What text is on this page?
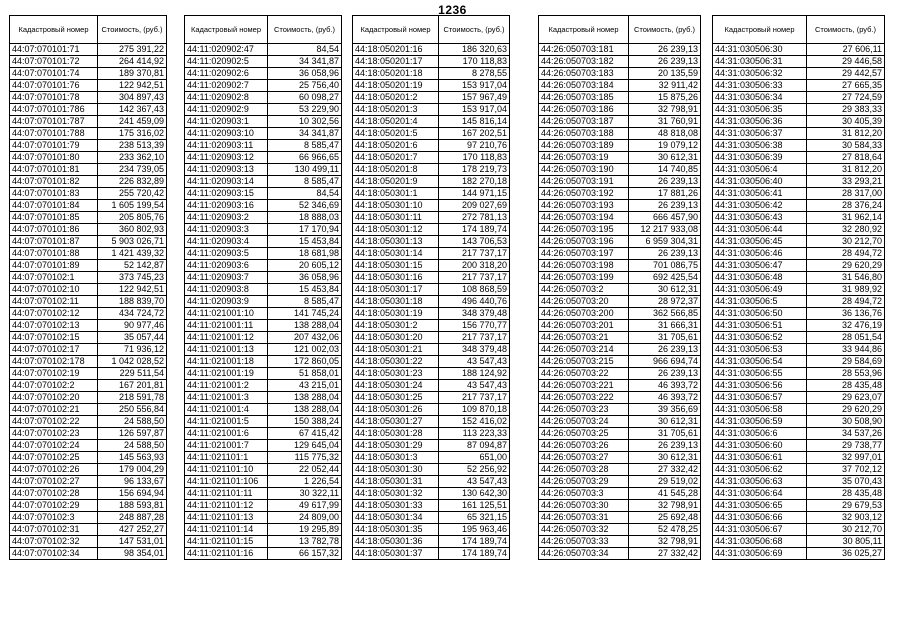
1236
Кадастровый номер	Стоимость, (руб.)
44:07:070101:71	275 391,22
44:07:070101:72	264 414,92
44:07:070101:74	189 370,81
44:07:070101:76	122 942,51
44:07:070101:78	304 897,43
44:07:070101:786	142 367,43
44:07:070101:787	241 459,09
44:07:070101:788	175 316,02
44:07:070101:79	238 513,39
44:07:070101:80	233 362,10
44:07:070101:81	234 739,05
44:07:070101:82	226 832,89
44:07:070101:83	255 720,42
44:07:070101:84	1 605 199,54
44:07:070101:85	205 805,76
44:07:070101:86	360 802,93
44:07:070101:87	5 903 026,71
44:07:070101:88	1 421 439,32
44:07:070101:89	52 142,87
44:07:070102:1	373 745,23
44:07:070102:10	122 942,51
44:07:070102:11	188 839,70
44:07:070102:12	434 724,72
44:07:070102:13	90 977,46
44:07:070102:15	35 057,44
44:07:070102:17	71 936,12
44:07:070102:178	1 042 028,52
44:07:070102:19	229 511,54
44:07:070102:2	167 201,81
44:07:070102:20	218 591,78
44:07:070102:21	250 556,84
44:07:070102:22	24 588,50
44:07:070102:23	126 597,87
44:07:070102:24	24 588,50
44:07:070102:25	145 563,93
44:07:070102:26	179 004,29
44:07:070102:27	96 133,67
44:07:070102:28	156 694,94
44:07:070102:29	188 593,81
44:07:070102:3	248 887,28
44:07:070102:31	427 252,27
44:07:070102:32	147 531,01
44:07:070102:34	98 354,01
Кадастровый номер	Стоимость, (руб.)
44:11:020902:47	84,54
44:11:020902:5	34 341,87
44:11:020902:6	36 058,96
44:11:020902:7	25 756,40
44:11:020902:8	60 098,27
44:11:020902:9	53 229,90
44:11:020903:1	10 302,56
44:11:020903:10	34 341,87
44:11:020903:11	8 585,47
44:11:020903:12	66 966,65
44:11:020903:13	130 499,11
44:11:020903:14	8 585,47
44:11:020903:15	84,54
44:11:020903:16	52 346,69
44:11:020903:2	18 888,03
44:11:020903:3	17 170,94
44:11:020903:4	15 453,84
44:11:020903:5	18 681,98
44:11:020903:6	20 605,12
44:11:020903:7	36 058,96
44:11:020903:8	15 453,84
44:11:020903:9	8 585,47
44:11:021001:10	141 745,24
44:11:021001:11	138 288,04
44:11:021001:12	207 432,06
44:11:021001:13	121 002,03
44:11:021001:18	172 860,05
44:11:021001:19	51 858,01
44:11:021001:2	43 215,01
44:11:021001:3	138 288,04
44:11:021001:4	138 288,04
44:11:021001:5	150 388,24
44:11:021001:6	67 415,42
44:11:021001:7	129 645,04
44:11:021101:1	115 775,32
44:11:021101:10	22 052,44
44:11:021101:106	1 226,54
44:11:021101:11	30 322,11
44:11:021101:12	49 617,99
44:11:021101:13	24 809,00
44:11:021101:14	19 295,89
44:11:021101:15	13 782,78
44:11:021101:16	66 157,32
Кадастровый номер	Стоимость, (руб.)
44:18:050201:16	186 320,63
44:18:050201:17	170 118,83
44:18:050201:18	8 278,55
44:18:050201:19	153 917,04
44:18:050201:2	157 967,49
44:18:050201:3	153 917,04
44:18:050201:4	145 816,14
44:18:050201:5	167 202,51
44:18:050201:6	97 210,76
44:18:050201:7	170 118,83
44:18:050201:8	178 219,73
44:18:050201:9	182 270,18
44:18:050301:1	144 971,15
44:18:050301:10	209 027,69
44:18:050301:11	272 781,13
44:18:050301:12	174 189,74
44:18:050301:13	143 706,53
44:18:050301:14	217 737,17
44:18:050301:15	200 318,20
44:18:050301:16	217 737,17
44:18:050301:17	108 868,59
44:18:050301:18	496 440,76
44:18:050301:19	348 379,48
44:18:050301:2	156 770,77
44:18:050301:20	217 737,17
44:18:050301:21	348 379,48
44:18:050301:22	43 547,43
44:18:050301:23	188 124,92
44:18:050301:24	43 547,43
44:18:050301:25	217 737,17
44:18:050301:26	109 870,18
44:18:050301:27	152 416,02
44:18:050301:28	113 223,33
44:18:050301:29	87 094,87
44:18:050301:3	651,00
44:18:050301:30	52 256,92
44:18:050301:31	43 547,43
44:18:050301:32	130 642,30
44:18:050301:33	161 125,51
44:18:050301:34	65 321,15
44:18:050301:35	195 963,46
44:18:050301:36	174 189,74
44:18:050301:37	174 189,74
Кадастровый номер	Стоимость, (руб.)
44:26:050703:181	26 239,13
44:26:050703:182	26 239,13
44:26:050703:183	20 135,59
44:26:050703:184	32 911,42
44:26:050703:185	15 875,26
44:26:050703:186	32 798,91
44:26:050703:187	31 760,91
44:26:050703:188	48 818,08
44:26:050703:189	19 079,12
44:26:050703:19	30 612,31
44:26:050703:190	14 740,85
44:26:050703:191	26 239,13
44:26:050703:192	17 881,26
44:26:050703:193	26 239,13
44:26:050703:194	666 457,90
44:26:050703:195	12 217 933,08
44:26:050703:196	6 959 304,31
44:26:050703:197	26 239,13
44:26:050703:198	701 086,75
44:26:050703:199	692 425,54
44:26:050703:2	30 612,31
44:26:050703:20	28 972,37
44:26:050703:200	362 566,85
44:26:050703:201	31 666,31
44:26:050703:21	31 705,61
44:26:050703:214	26 239,13
44:26:050703:215	966 694,74
44:26:050703:22	26 239,13
44:26:050703:221	46 393,72
44:26:050703:222	46 393,72
44:26:050703:23	39 356,69
44:26:050703:24	30 612,31
44:26:050703:25	31 705,61
44:26:050703:26	26 239,13
44:26:050703:27	30 612,31
44:26:050703:28	27 332,42
44:26:050703:29	29 519,02
44:26:050703:3	41 545,28
44:26:050703:30	32 798,91
44:26:050703:31	25 692,48
44:26:050703:32	52 478,25
44:26:050703:33	32 798,91
44:26:050703:34	27 332,42
Кадастровый номер	Стоимость, (руб.)
44:31:030506:30	27 606,11
44:31:030506:31	29 446,58
44:31:030506:32	29 442,57
44:31:030506:33	27 665,35
44:31:030506:34	27 724,59
44:31:030506:35	29 383,33
44:31:030506:36	30 405,39
44:31:030506:37	31 812,20
44:31:030506:38	30 584,33
44:31:030506:39	27 818,64
44:31:030506:4	31 812,20
44:31:030506:40	33 293,21
44:31:030506:41	28 317,00
44:31:030506:42	28 376,24
44:31:030506:43	31 962,14
44:31:030506:44	32 280,92
44:31:030506:45	30 212,70
44:31:030506:46	28 494,72
44:31:030506:47	29 620,29
44:31:030506:48	31 546,80
44:31:030506:49	31 989,92
44:31:030506:5	28 494,72
44:31:030506:50	36 136,76
44:31:030506:51	32 476,19
44:31:030506:52	28 051,54
44:31:030506:53	33 944,86
44:31:030506:54	29 584,69
44:31:030506:55	28 553,96
44:31:030506:56	28 435,48
44:31:030506:57	29 623,07
44:31:030506:58	29 620,29
44:31:030506:59	30 508,90
44:31:030506:6	34 537,26
44:31:030506:60	29 738,77
44:31:030506:61	32 997,01
44:31:030506:62	37 702,12
44:31:030506:63	35 070,43
44:31:030506:64	28 435,48
44:31:030506:65	29 679,53
44:31:030506:66	32 903,12
44:31:030506:67	30 212,70
44:31:030506:68	30 805,11
44:31:030506:69	36 025,27
